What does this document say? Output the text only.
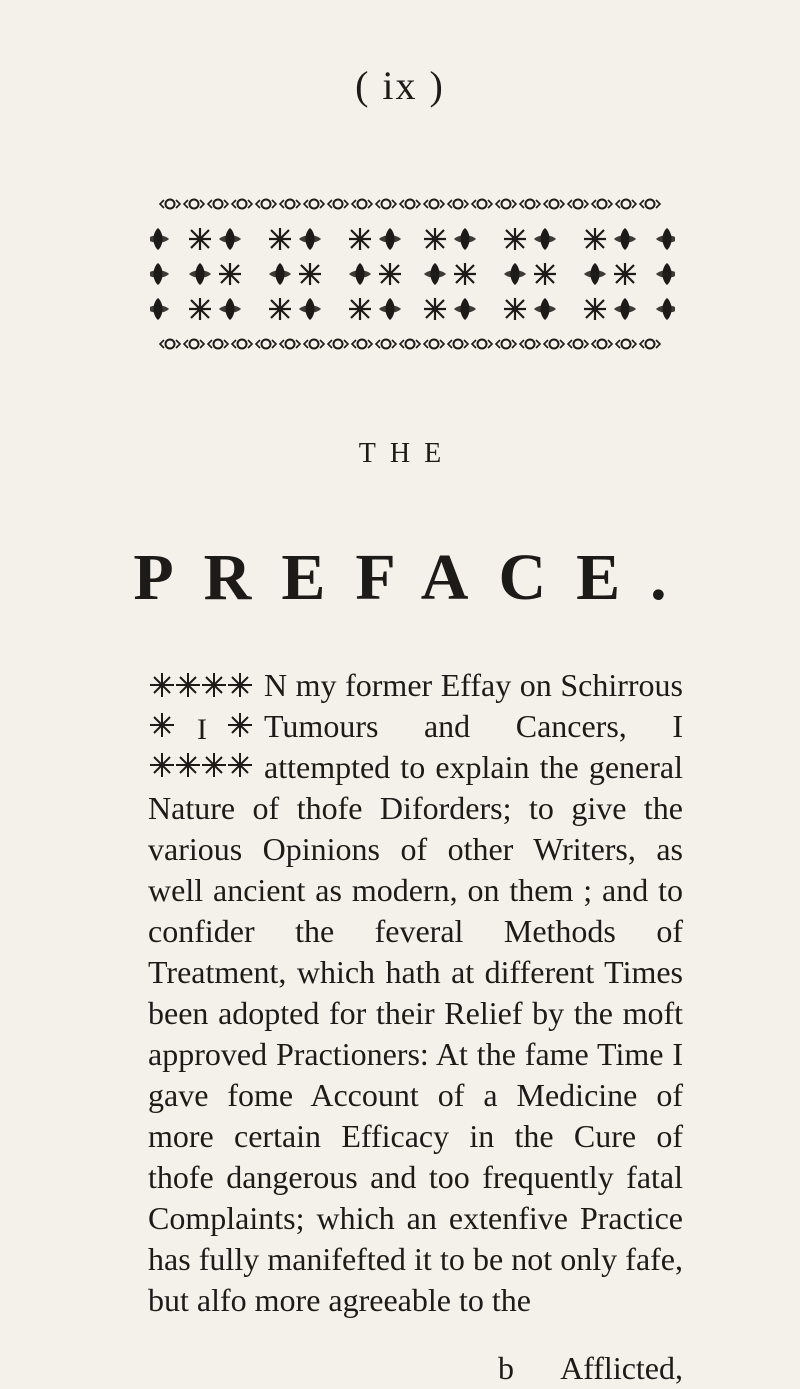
( ix )
THE
PREFACE.
I
N my former Effay on Schirrous Tumours and Cancers, I attempted to explain the general Nature of thofe Diforders; to give the various Opinions of other Writers, as well ancient as modern, on them ; and to confider the feveral Methods of Treatment, which hath at different Times been adopted for their Relief by the moft approved Practioners: At the fame Time I gave fome Account of a Medicine of more certain Efficacy in the Cure of thofe dangerous and too frequently fatal Complaints; which an extenfive Practice has fully manifefted it to be not only fafe, but alfo more agreeable to the
b Afflicted,
